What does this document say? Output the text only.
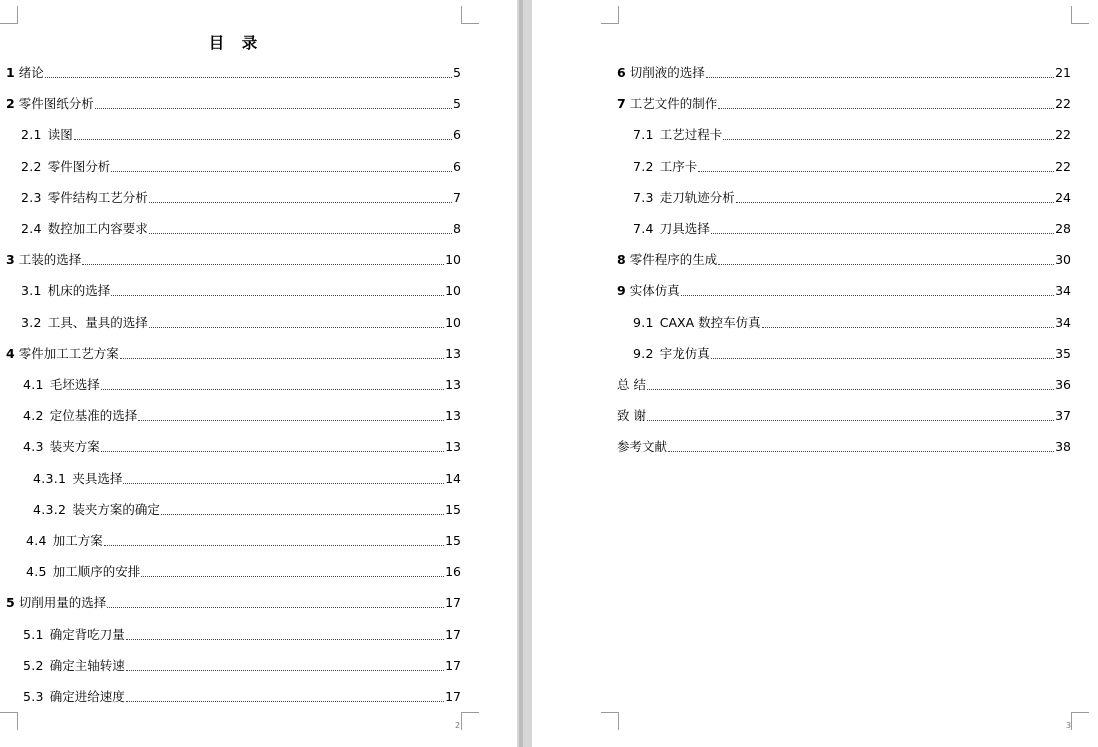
目 录
1 绪论	5
2 零件图纸分析	5
2.1 读图	6
2.2 零件图分析	6
2.3 零件结构工艺分析	7
2.4 数控加工内容要求	8
3 工装的选择	10
3.1 机床的选择	10
3.2 工具、量具的选择	10
4 零件加工工艺方案	13
4.1 毛坯选择	13
4.2 定位基准的选择	13
4.3 装夹方案	13
4.3.1 夹具选择	14
4.3.2 装夹方案的确定	15
4.4 加工方案	15
4.5 加工顺序的安排	16
5 切削用量的选择	17
5.1 确定背吃刀量	17
5.2 确定主轴转速	17
5.3 确定进给速度	17
2
6 切削液的选择	21
7 工艺文件的制作	22
7.1 工艺过程卡	22
7.2 工序卡	22
7.3 走刀轨迹分析	24
7.4 刀具选择	28
8 零件程序的生成	30
9 实体仿真	34
9.1 CAXA 数控车仿真	34
9.2 宇龙仿真	35
总 结	36
致 谢	37
参考文献	38
3
